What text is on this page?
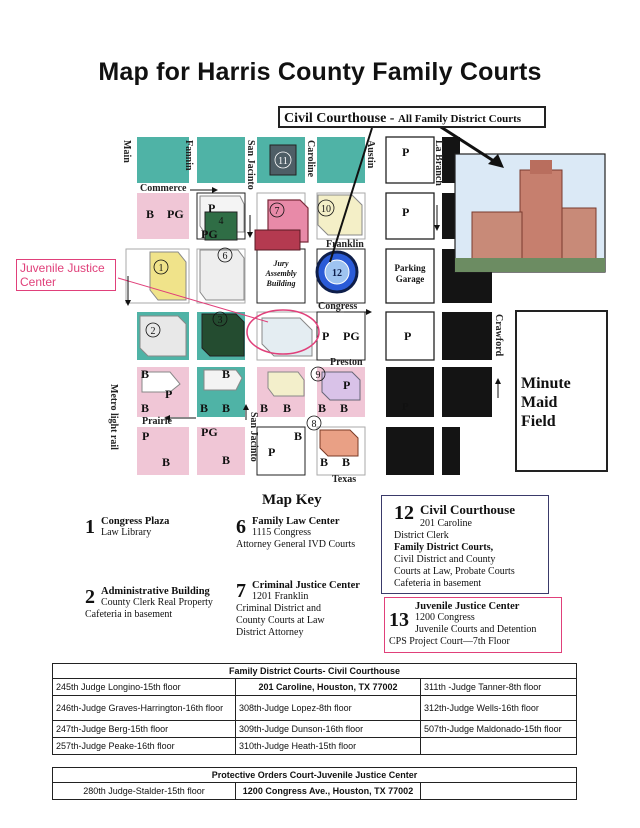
Map for Harris County Family Courts
B PG P
PG
P
P
P PG	P
B
P
B
B
B B B B B B
P
P
P
B
PG
B
P
B
B B
Jury
Assembly
Building
Parking
Garage
1
2
3
4
6
7
8
9
10
11
12
Main	Fannin	San Jacinto	Caroline	Austin	La Branch
Crawford
Metro light rail	San Jacinto
Commerce
Franklin
Congress
Preston
Prairie
Texas
Civil Courthouse - All Family District Courts
Juvenile Justice Center
Minute
Maid
Field
Map Key
1 Congress Plaza
Law Library
2 Administrative Building
County Clerk Real Property
Cafeteria in basement
6 Family Law Center
1115 Congress
Attorney General IVD Courts
7 Criminal Justice Center
1201 Franklin
Criminal District and
County Courts at Law
District Attorney
12 Civil Courthouse
201 Caroline
District Clerk
Family District Courts,
Civil District and County
Courts at Law, Probate Courts
Cafeteria in basement
13
Juvenile Justice Center
1200 Congress
Juvenile Courts and Detention
CPS Project Court—7th Floor
Family District Courts- Civil Courthouse		
245th Judge Longino-15th floor	201 Caroline, Houston, TX 77002	311th -Judge Tanner-8th floor
246th-Judge Graves-Harrington-16th floor	308th-Judge Lopez-8th floor	312th-Judge Wells-16th floor
247th-Judge Berg-15th floor	309th-Judge Dunson-16th floor	507th-Judge Maldonado-15th floor
257th-Judge Peake-16th floor	310th-Judge Heath-15th floor	
Protective Orders Court-Juvenile Justice Center
280th Judge-Stalder-15th floor	1200 Congress Ave., Houston, TX 77002	
